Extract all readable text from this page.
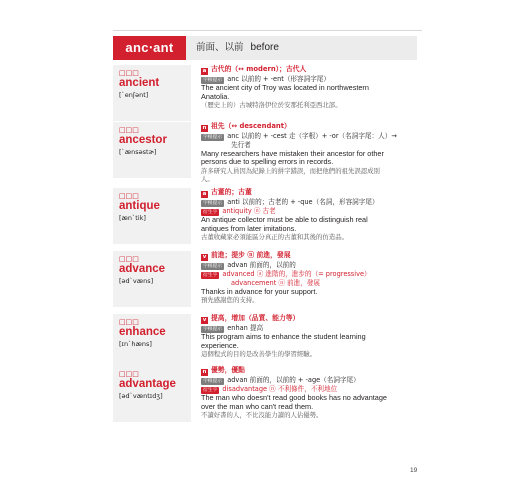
anc‧ant	前面、以前 before
□□□
ancient
[ˋenʃənt]
a 古代的（↔ modern）；古代人
字根提示 anc 以前的 + -ent（形容詞字尾）
The ancient city of Troy was located in northwestern
Anatolia.
（歷史上的）古城特洛伊位於安那托利亞西北部。
□□□
ancestor
[ˋænsəstɚ]
n 祖先（↔ descendant）
字根提示 anc 以前的 + -cest 走（字根）+ -or（名詞字尾：人）→
先行者
Many researchers have mistaken their ancestor for other
persons due to spelling errors in records.
許多研究人員因為紀錄上的拼字錯誤，而把他們的祖先誤認成別
人。
□□□
antique
[ænˋtik]
a 古董的；古董
字根提示 anti 以前的；古老的 + -que（名詞，形容詞字尾）
衍生字 antiquity ⓝ 古老
An antique collector must be able to distinguish real
antiques from later imitations.
古董收藏家必須能區分真正的古董和其後的仿造品。
□□□
advance
[ədˋvæns]
v 前進；提步 ⓝ 前進，發展
字根提示 advan 前面的，以前的
衍生字 advanced ⓐ 進階的，進步的（= progressive）
advancement ⓝ 前進，發展
Thanks in advance for your support.
預先感謝您的支持。
□□□
enhance
[ɪnˋhæns]
v 提高，增加（品質、能力等）
字根提示 enhan 提高
This program aims to enhance the student learning
experience.
這個程式的目的是改善學生的學習經驗。
□□□
advantage
[ədˋvæntɪdʒ]
n 優勢，優點
字根提示 advan 前面的，以前的 + -age（名詞字尾）
衍生字 disadvantage ⓝ 不利條件，不利地位
The man who doesn't read good books has no advantage
over the man who can't read them.
不讀好書的人，不比沒能力讀的人佔優勢。
19
